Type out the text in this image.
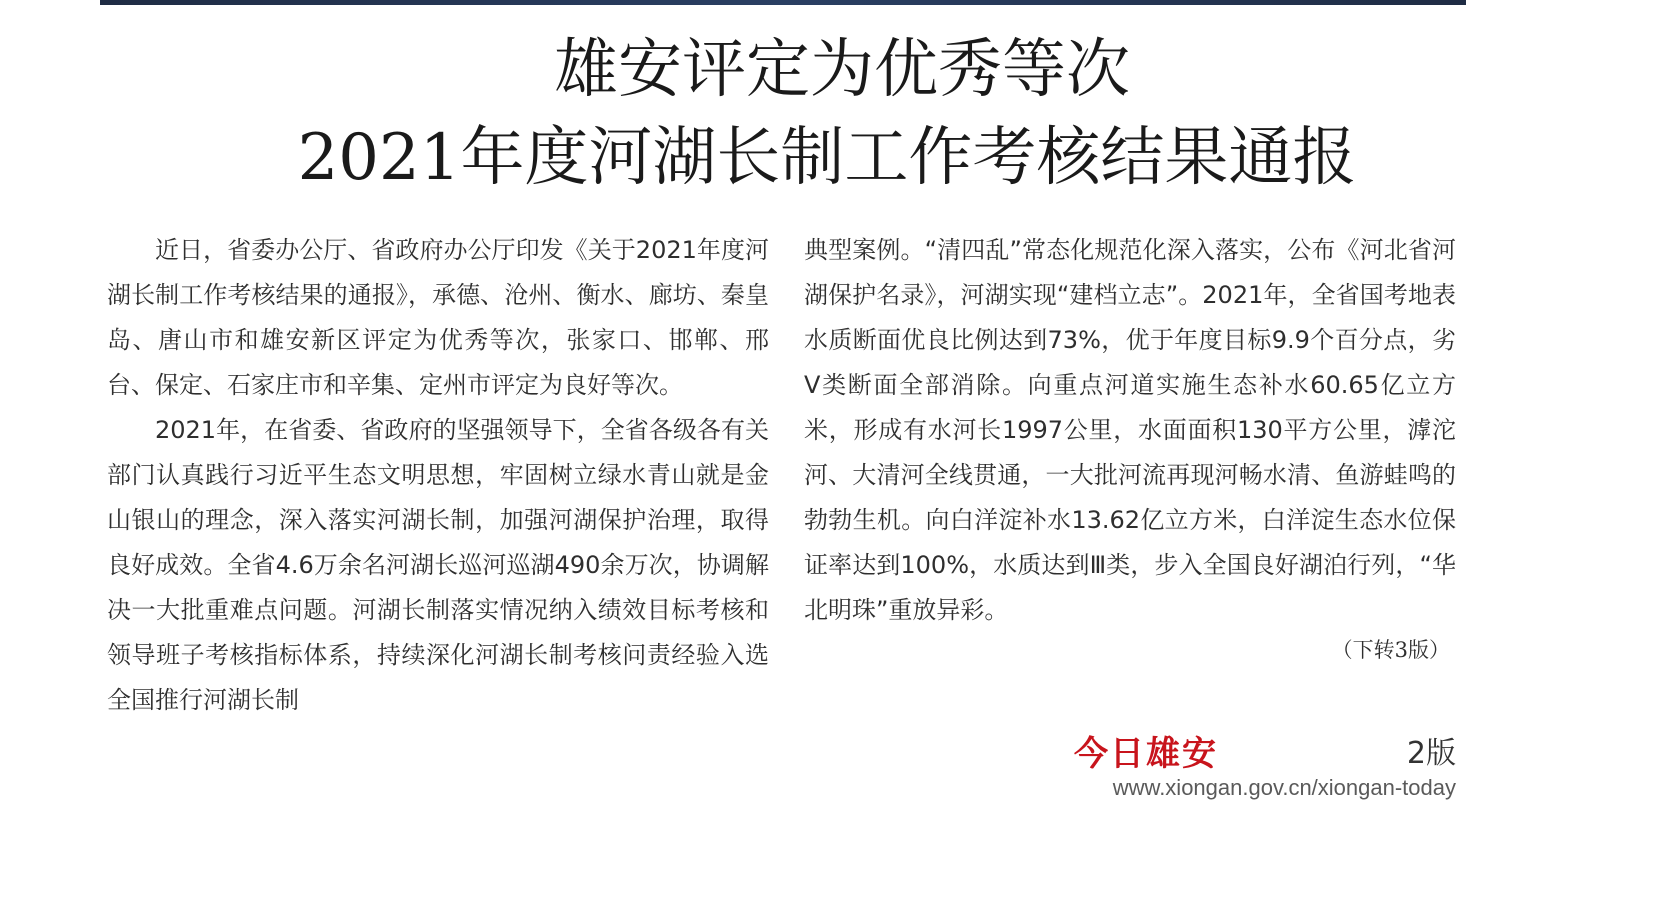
雄安评定为优秀等次
2021年度河湖长制工作考核结果通报

近日，省委办公厅、省政府办公厅印发《关于2021年度河湖长制工作考核结果的通报》，承德、沧州、衡水、廊坊、秦皇岛、唐山市和雄安新区评定为优秀等次，张家口、邯郸、邢台、保定、石家庄市和辛集、定州市评定为良好等次。

2021年，在省委、省政府的坚强领导下，全省各级各有关部门认真践行习近平生态文明思想，牢固树立绿水青山就是金山银山的理念，深入落实河湖长制，加强河湖保护治理，取得良好成效。全省4.6万余名河湖长巡河巡湖490余万次，协调解决一大批重难点问题。河湖长制落实情况纳入绩效目标考核和领导班子考核指标体系，持续深化河湖长制考核问责经验入选全国推行河湖长制

典型案例。“清四乱”常态化规范化深入落实，公布《河北省河湖保护名录》，河湖实现“建档立志”。2021年，全省国考地表水质断面优良比例达到73%，优于年度目标9.9个百分点，劣Ⅴ类断面全部消除。向重点河道实施生态补水60.65亿立方米，形成有水河长1997公里，水面面积130平方公里，滹沱河、大清河全线贯通，一大批河流再现河畅水清、鱼游蛙鸣的勃勃生机。向白洋淀补水13.62亿立方米，白洋淀生态水位保证率达到100%，水质达到Ⅲ类，步入全国良好湖泊行列，“华北明珠”重放异彩。

（下转3版）

今日雄安	2版
www.xiongan.gov.cn/xiongan-today
